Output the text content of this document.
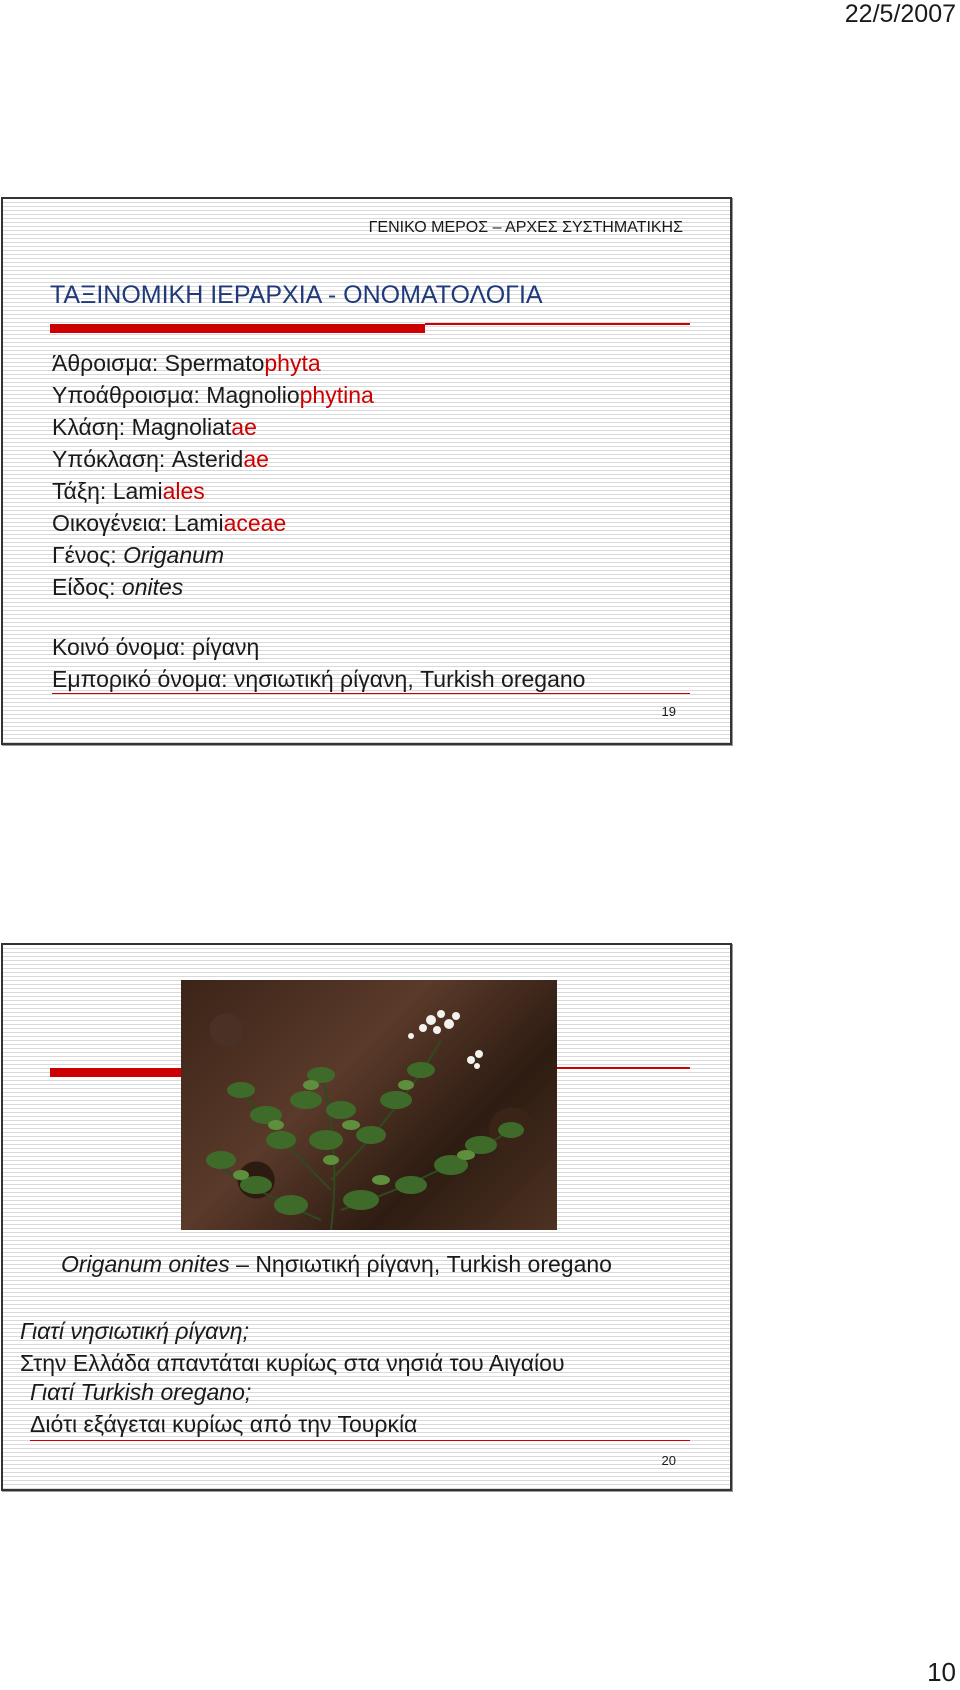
22/5/2007
ΓΕΝΙΚΟ ΜΕΡΟΣ – ΑΡΧΕΣ ΣΥΣΤΗΜΑΤΙΚΗΣ
ΤΑΞΙΝΟΜΙΚΗ ΙΕΡΑΡΧΙΑ - ΟΝΟΜΑΤΟΛΟΓΙΑ
Άθροισμα: Spermatophyta
Υποάθροισμα: Magnoliophytina
Κλάση: Magnoliatae
Υπόκλαση: Asteridae
Τάξη: Lamiales
Οικογένεια: Lamiaceae
Γένος: Origanum
Είδος: onites
Κοινό όνομα: ρίγανη
Εμπορικό όνομα: νησιωτική ρίγανη, Turkish oregano
19
Origanum onites – Νησιωτική ρίγανη, Turkish oregano
Γιατί νησιωτική ρίγανη;
Στην Ελλάδα απαντάται κυρίως στα νησιά του Αιγαίου
Γιατί Turkish oregano;
Διότι εξάγεται κυρίως από την Τουρκία
20
10
